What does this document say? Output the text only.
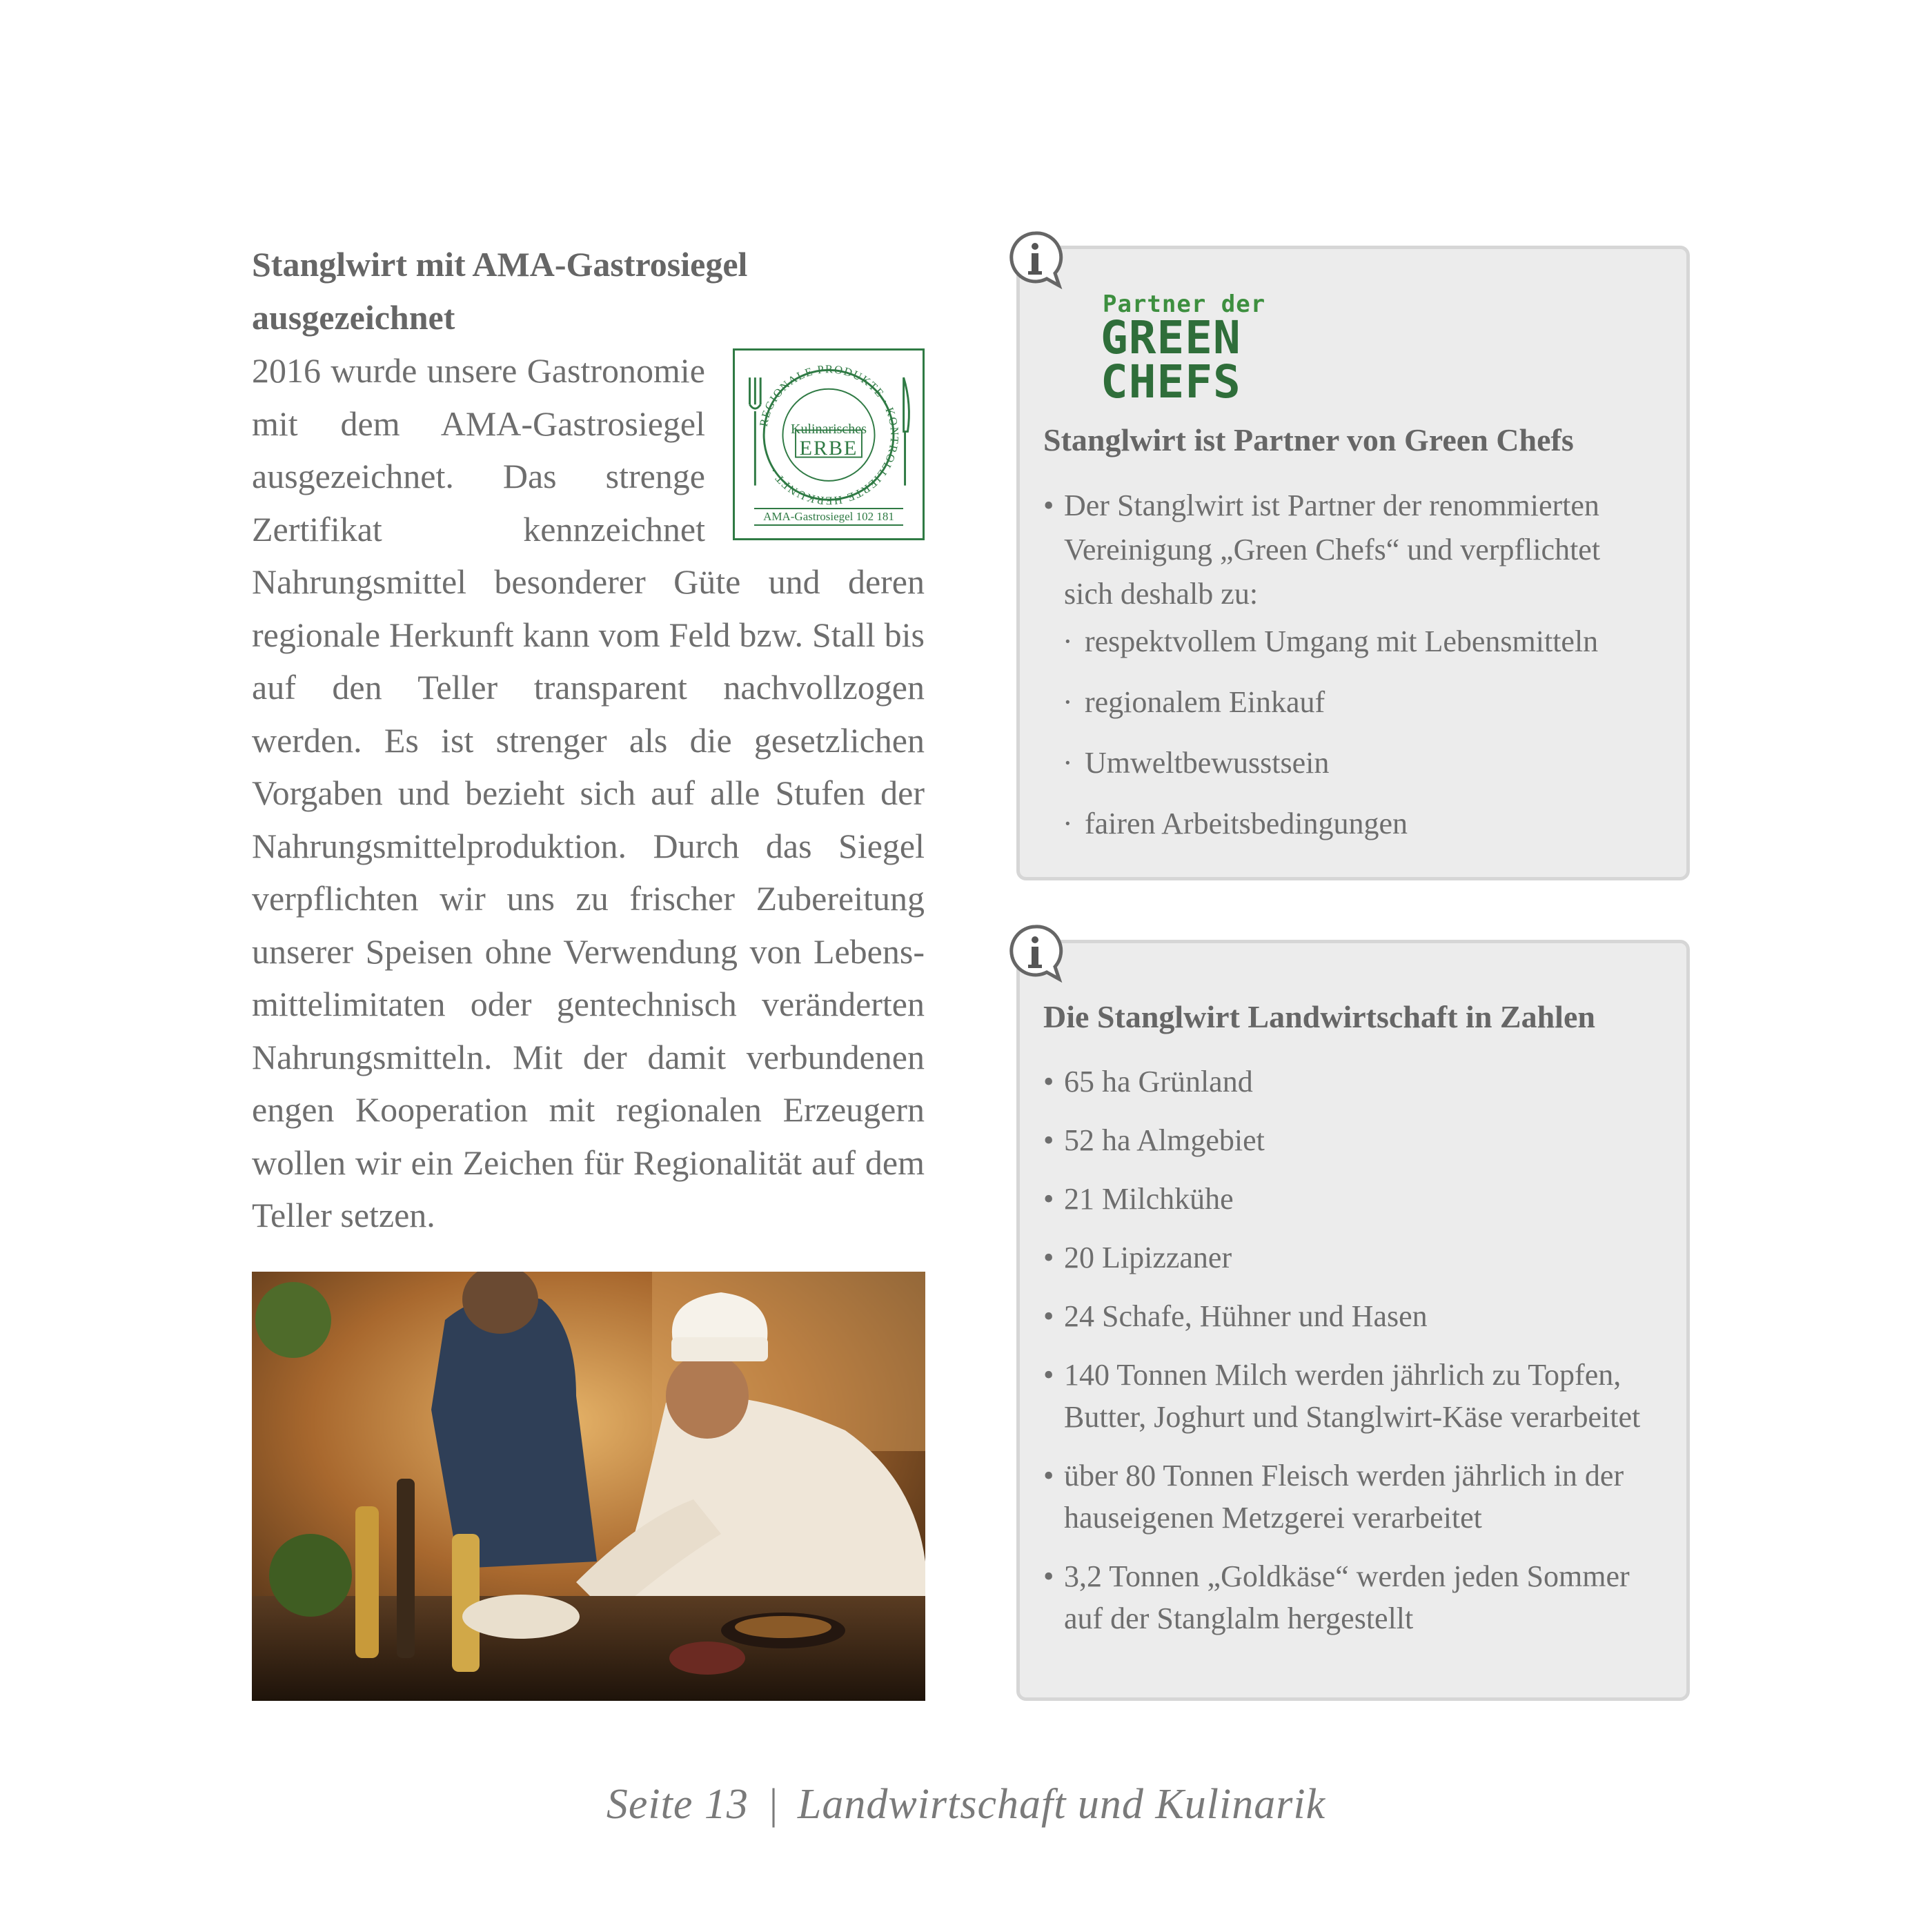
Stanglwirt mit AMA-Gastrosiegel ausgezeichnet
REGIONALE PRODUKTE · KONTROLLIERTE HERKUNFT ·
Kulinarisches
ERBE
AMA-Gastrosiegel 102 181

2016 wurde unsere Gastronomie mit dem AMA-Gastrosiegel ausgezeichnet. Das strenge Zertifikat kennzeichnet Nahrungsmittel besonderer Güte und deren regionale Herkunft kann vom Feld bzw. Stall bis auf den Teller transparent nachvollzogen werden. Es ist strenger als die gesetzlichen Vorgaben und bezieht sich auf alle Stufen der Nahrungsmittelproduktion. Durch das Siegel verpflichten wir uns zu frischer Zubereitung unserer Speisen ohne Verwendung von Lebensmittelimitaten oder gentechnisch veränderten Nahrungsmitteln. Mit der damit verbundenen engen Kooperation mit regionalen Erzeugern wollen wir ein Zeichen für Regionalität auf dem Teller setzen.

Partner der
GREEN
CHEFS
Stanglwirt ist Partner von Green Chefs
• Der Stanglwirt ist Partner der renommierten Vereinigung „Green Chefs“ und verpflichtet sich deshalb zu:
· respektvollem Umgang mit Lebensmitteln
· regionalem Einkauf
· Umweltbewusstsein
· fairen Arbeitsbedingungen
Die Stanglwirt Landwirtschaft in Zahlen
• 65 ha Grünland
• 52 ha Almgebiet
• 21 Milchkühe
• 20 Lipizzaner
• 24 Schafe, Hühner und Hasen
• 140 Tonnen Milch werden jährlich zu Topfen, Butter, Joghurt und Stanglwirt-Käse verarbeitet
• über 80 Tonnen Fleisch werden jährlich in der hauseigenen Metzgerei verarbeitet
• 3,2 Tonnen „Goldkäse“ werden jeden Sommer auf der Stanglalm hergestellt
Seite 13 | Landwirtschaft und Kulinarik
